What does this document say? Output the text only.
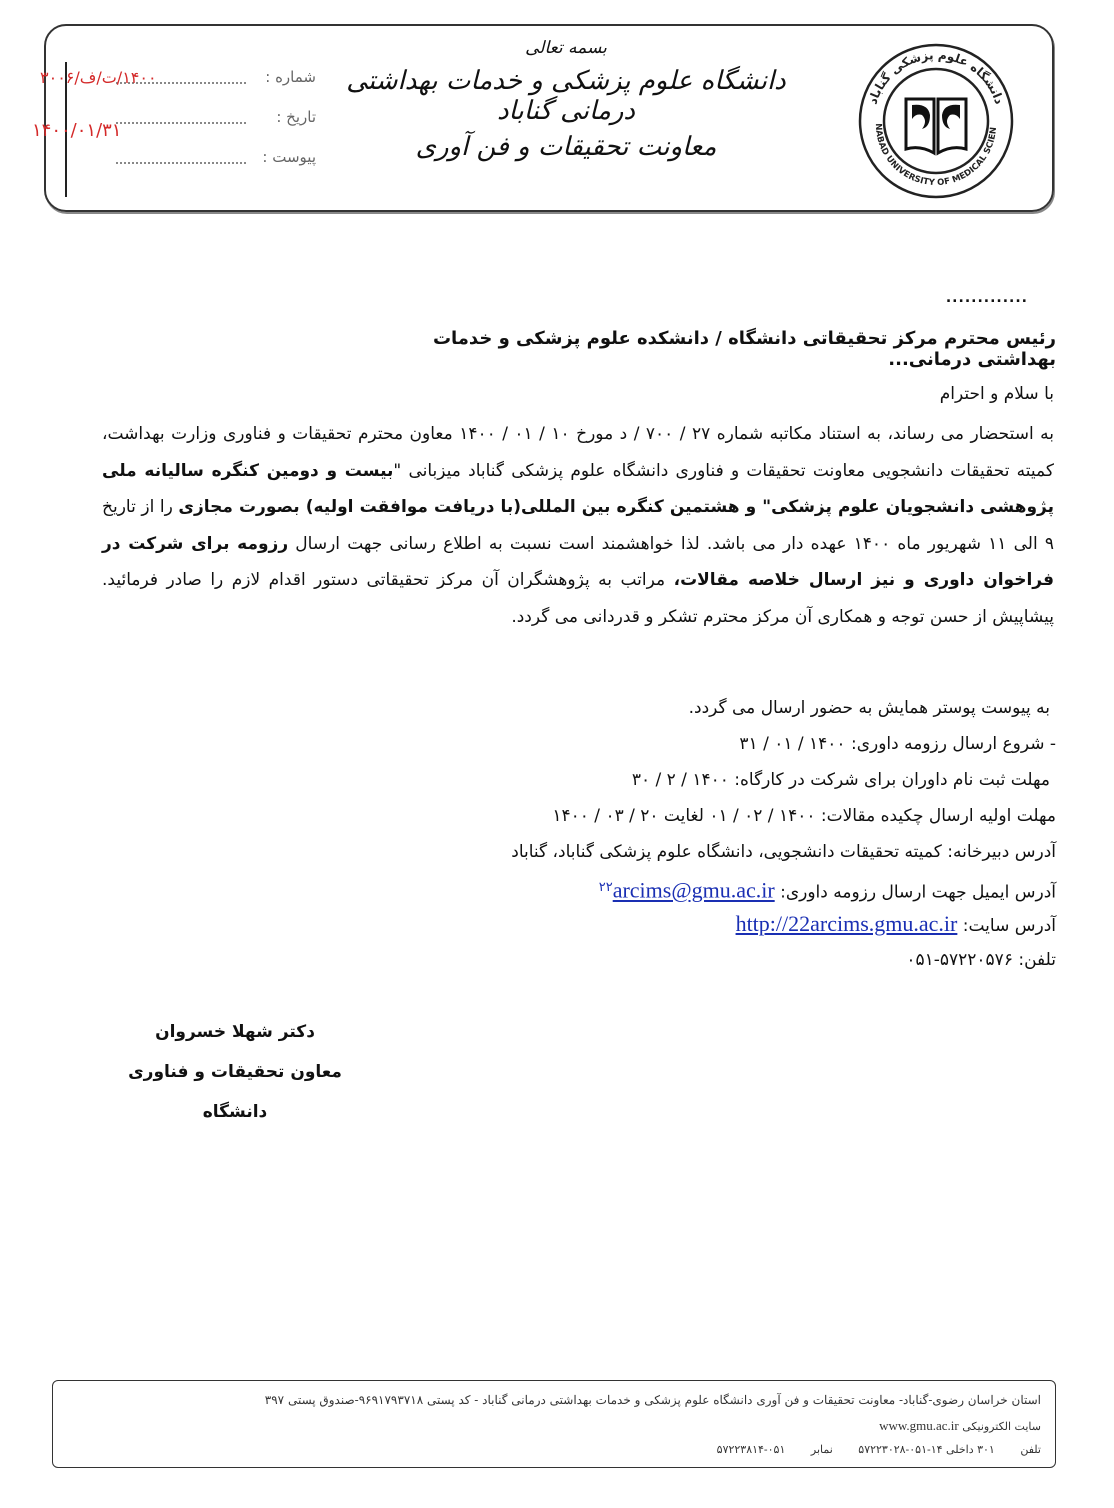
شماره :
تاریخ :
پیوست :
۱۴۰۰/ت/ف/۳۰۰۶
۱۴۰۰/۰۱/۳۱
بسمه تعالی
دانشگاه علوم پزشکی و خدمات بهداشتی درمانی گناباد
معاونت تحقیقات و فن آوری
دانشگاه علوم پزشکی گناباد
NABAD UNIVERSITY OF MEDICAL SCIEN
.............
رئیس محترم مرکز تحقیقاتی دانشگاه / دانشکده علوم پزشکی و خدمات بهداشتی درمانی...
با سلام و احترام
به استحضار می رساند، به استناد مکاتبه شماره ۲۷ / ۷۰۰ / د مورخ ۱۰ / ۰۱ / ۱۴۰۰ معاون محترم تحقیقات و فناوری وزارت بهداشت، کمیته تحقیقات دانشجویی معاونت تحقیقات و فناوری دانشگاه علوم پزشکی گناباد میزبانی "بیست و دومین کنگره سالیانه ملی پژوهشی دانشجویان علوم پزشکی" و هشتمین کنگره بین المللی(با دریافت موافقت اولیه) بصورت مجازی را از تاریخ ۹ الی ۱۱ شهریور ماه ۱۴۰۰ عهده دار می باشد. لذا خواهشمند است نسبت به اطلاع رسانی جهت ارسال رزومه برای شرکت در فراخوان داوری و نیز ارسال خلاصه مقالات، مراتب به پژوهشگران آن مرکز تحقیقاتی دستور اقدام لازم را صادر فرمائید. پیشاپیش از حسن توجه و همکاری آن مرکز محترم تشکر و قدردانی می گردد.
به پیوست پوستر همایش به حضور ارسال می گردد.
- شروع ارسال رزومه داوری: ۱۴۰۰ / ۰۱ / ۳۱
مهلت ثبت نام داوران برای شرکت در کارگاه: ۱۴۰۰ / ۲ / ۳۰
مهلت اولیه ارسال چکیده مقالات: ۱۴۰۰ / ۰۲ / ۰۱ لغایت ۲۰ / ۰۳ / ۱۴۰۰
آدرس دبیرخانه: کمیته تحقیقات دانشجویی، دانشگاه علوم پزشکی گناباد، گناباد
آدرس ایمیل جهت ارسال رزومه داوری: $^{۲۲}$arcims@gmu.ac.ir
آدرس سایت: http://22arcims.gmu.ac.ir
تلفن: ۰۵۱-۵۷۲۲۰۵۷۶
دکتر شهلا خسروان
معاون تحقیقات و فناوری دانشگاه
استان خراسان رضوی-گناباد- معاونت تحقیقات و فن آوری دانشگاه علوم پزشکی و خدمات بهداشتی درمانی گناباد - کد پستی ۹۶۹۱۷۹۳۷۱۸-صندوق پستی ۳۹۷
سایت الکترونیکی www.gmu.ac.ir
تلفن ۳۰۱ داخلی ۱۴-۰۵۱-۵۷۲۲۳۰۲۸ نمابر ۰۵۱-۵۷۲۲۳۸۱۴
